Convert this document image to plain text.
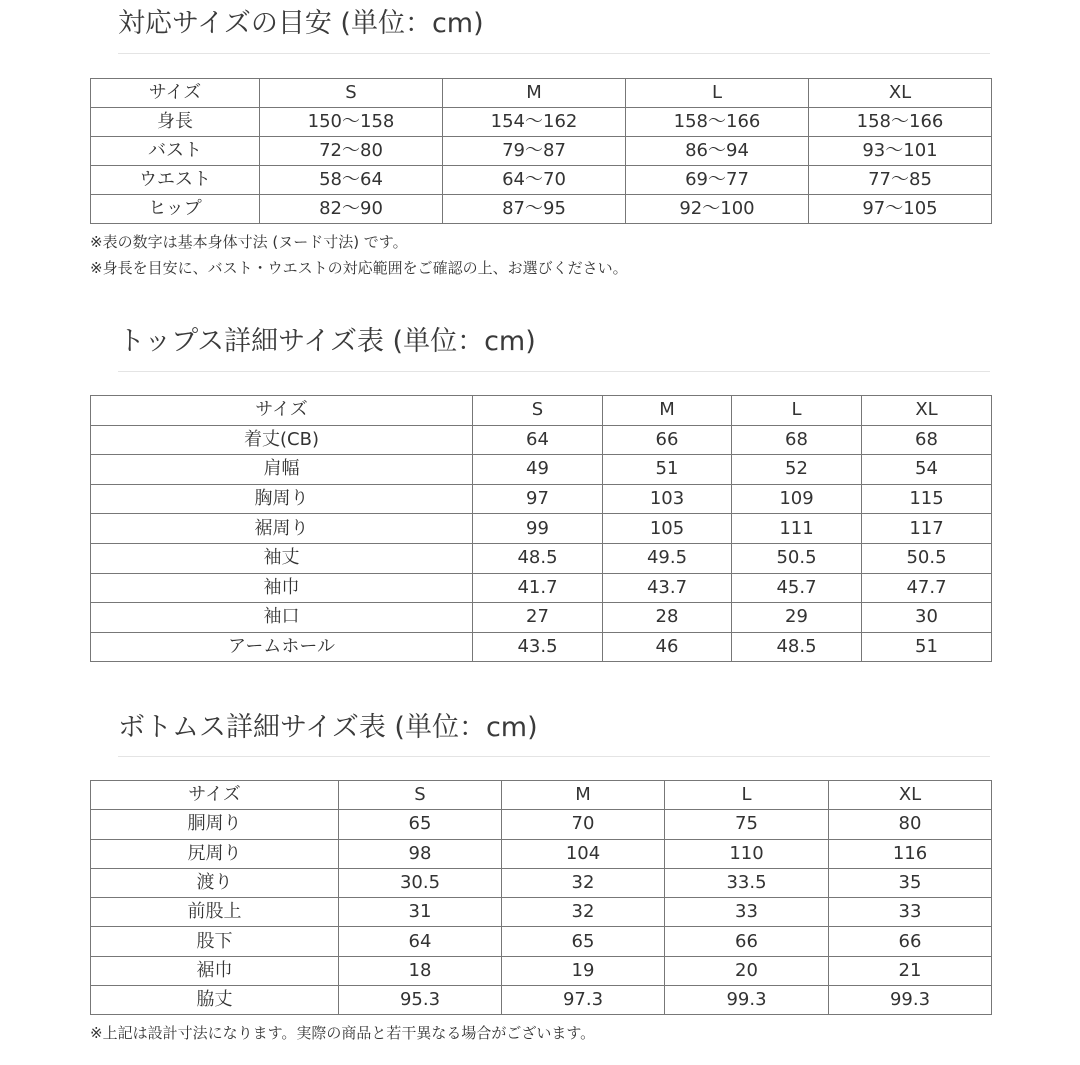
対応サイズの目安 (単位：cm)
サイズ	S	M	L	XL
身長	150～158	154～162	158～166	158～166
バスト	72～80	79～87	86～94	93～101
ウエスト	58～64	64～70	69～77	77～85
ヒップ	82～90	87～95	92～100	97～105

※表の数字は基本身体寸法 (ヌード寸法) です。

※身長を目安に、バスト・ウエストの対応範囲をご確認の上、お選びください。

トップス詳細サイズ表 (単位：cm)
サイズ	S	M	L	XL
着丈(CB)	64	66	68	68
肩幅	49	51	52	54
胸周り	97	103	109	115
裾周り	99	105	111	117
袖丈	48.5	49.5	50.5	50.5
袖巾	41.7	43.7	45.7	47.7
袖口	27	28	29	30
アームホール	43.5	46	48.5	51
ボトムス詳細サイズ表 (単位：cm)
サイズ	S	M	L	XL
胴周り	65	70	75	80
尻周り	98	104	110	116
渡り	30.5	32	33.5	35
前股上	31	32	33	33
股下	64	65	66	66
裾巾	18	19	20	21
脇丈	95.3	97.3	99.3	99.3

※上記は設計寸法になります。実際の商品と若干異なる場合がございます。
